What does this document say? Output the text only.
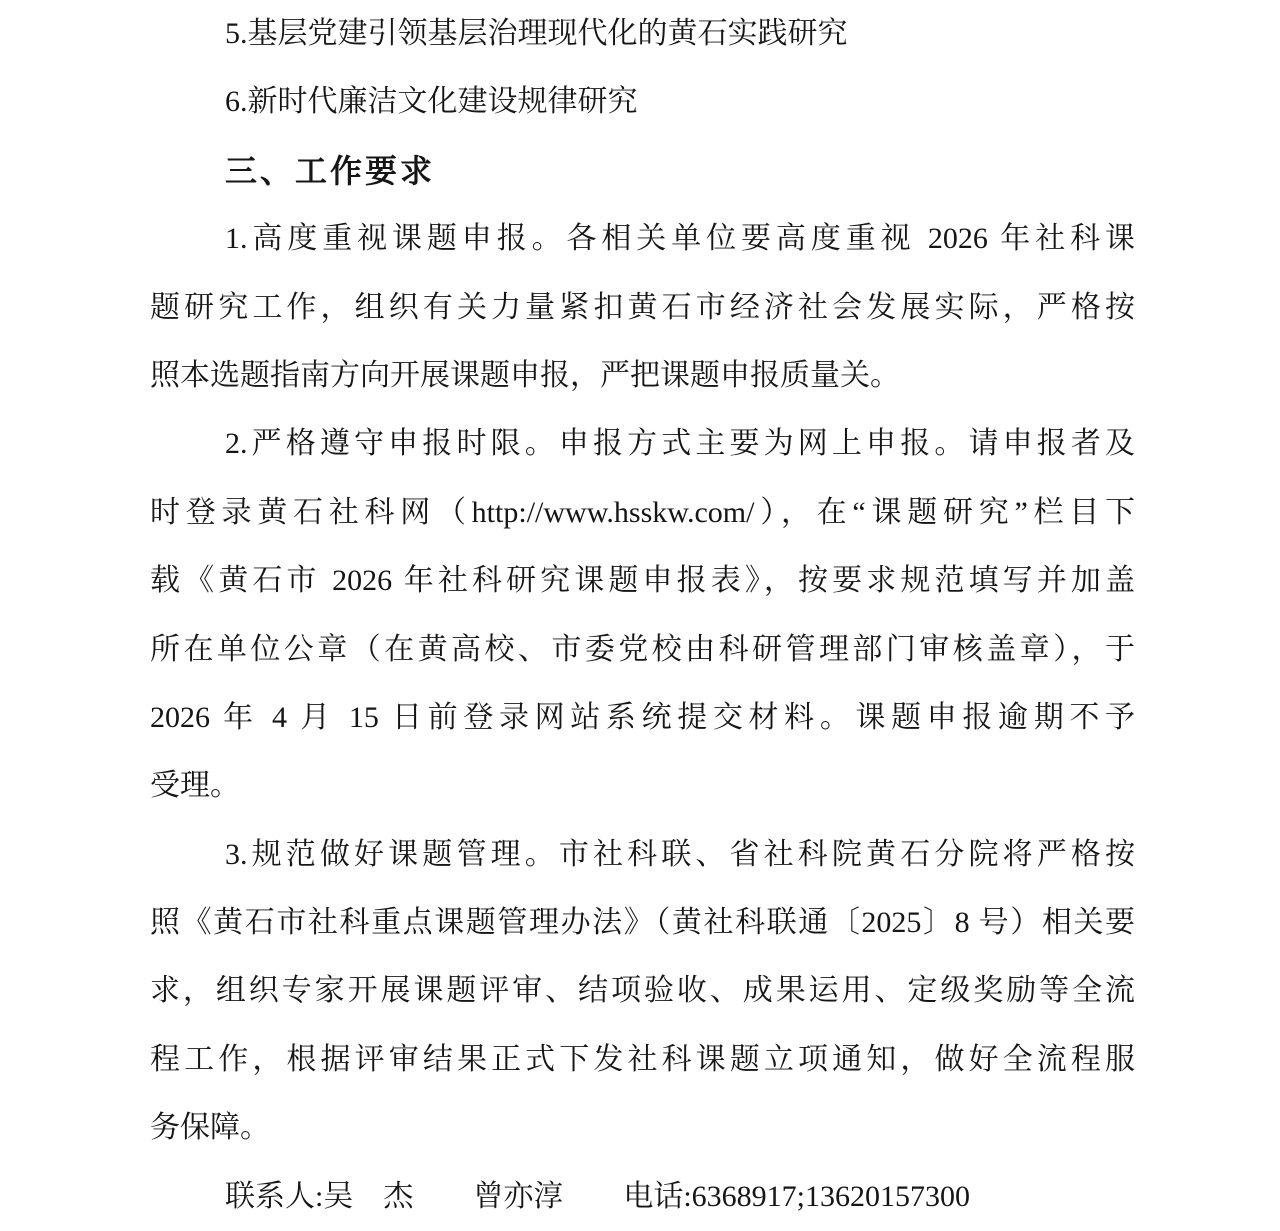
5.基层党建引领基层治理现代化的黄石实践研究
6.新时代廉洁文化建设规律研究
三、工作要求
1.高度重视课题申报。各相关单位要高度重视 2026 年社科课
题研究工作，组织有关力量紧扣黄石市经济社会发展实际，严格按
照本选题指南方向开展课题申报，严把课题申报质量关。
2.严格遵守申报时限。申报方式主要为网上申报。请申报者及
时登录黄石社科网（http://www.hsskw.com/），在“课题研究”栏目下
载《黄石市 2026 年社科研究课题申报表》，按要求规范填写并加盖
所在单位公章（在黄高校、市委党校由科研管理部门审核盖章），于
2026 年 4 月 15 日前登录网站系统提交材料。课题申报逾期不予
受理。
3.规范做好课题管理。市社科联、省社科院黄石分院将严格按
照《黄石市社科重点课题管理办法》（黄社科联通〔2025〕8 号）相关要
求，组织专家开展课题评审、结项验收、成果运用、定级奖励等全流
程工作，根据评审结果正式下发社科课题立项通知，做好全流程服
务保障。
联系人:吴　杰　　曾亦淳　　电话:6368917;13620157300
